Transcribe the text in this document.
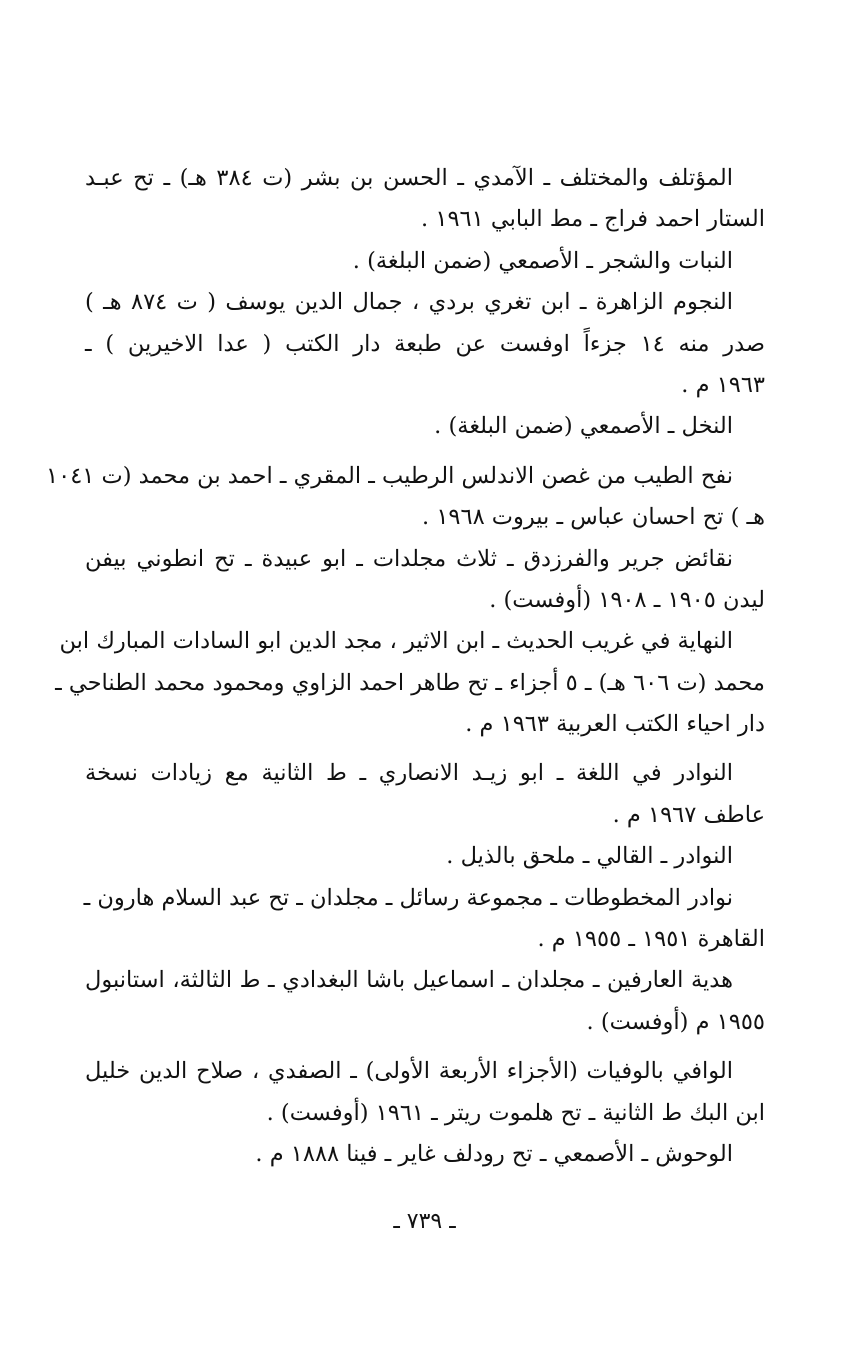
المؤتلف والمختلف ـ الآمدي ـ الحسن بن بشر (ت ٣٨٤ هـ) ـ تح عبـد
الستار احمد فراج ـ مط البابي ١٩٦١ .
النبات والشجر ـ الأصمعي (ضمن البلغة) .
النجوم الزاهرة ـ ابن تغري بردي ، جمال الدين يوسف ( ت ٨٧٤ هـ )
صدر منه ١٤ جزءاً اوفست عن طبعة دار الكتب ( عدا الاخيرين ) ـ
١٩٦٣ م .
النخل ـ الأصمعي (ضمن البلغة) .
نفح الطيب من غصن الاندلس الرطيب ـ المقري ـ احمد بن محمد (ت ١٠٤١
هـ ) تح احسان عباس ـ بيروت ١٩٦٨ .
نقائض جرير والفرزدق ـ ثلاث مجلدات ـ ابو عبيدة ـ تح انطوني بيفن
ليدن ١٩٠٥ ـ ١٩٠٨ (أوفست) .
النهاية في غريب الحديث ـ ابن الاثير ، مجد الدين ابو السادات المبارك ابن
محمد (ت ٦٠٦ هـ) ـ ٥ أجزاء ـ تح طاهر احمد الزاوي ومحمود محمد الطناحي ـ
دار احياء الكتب العربية ١٩٦٣ م .
النوادر في اللغة ـ ابو زيـد الانصاري ـ ط الثانية مع زيادات نسخة
عاطف ١٩٦٧ م .
النوادر ـ القالي ـ ملحق بالذيل .
نوادر المخطوطات ـ مجموعة رسائل ـ مجلدان ـ تح عبد السلام هارون ـ
القاهرة ١٩٥١ ـ ١٩٥٥ م .
هدية العارفين ـ مجلدان ـ اسماعيل باشا البغدادي ـ ط الثالثة، استانبول
١٩٥٥ م (أوفست) .
الوافي بالوفيات (الأجزاء الأربعة الأولى) ـ الصفدي ، صلاح الدين خليل
ابن البك ط الثانية ـ تح هلموت ريتر ـ ١٩٦١ (أوفست) .
الوحوش ـ الأصمعي ـ تح رودلف غاير ـ فينا ١٨٨٨ م .
ـ ٧٣٩ ـ
